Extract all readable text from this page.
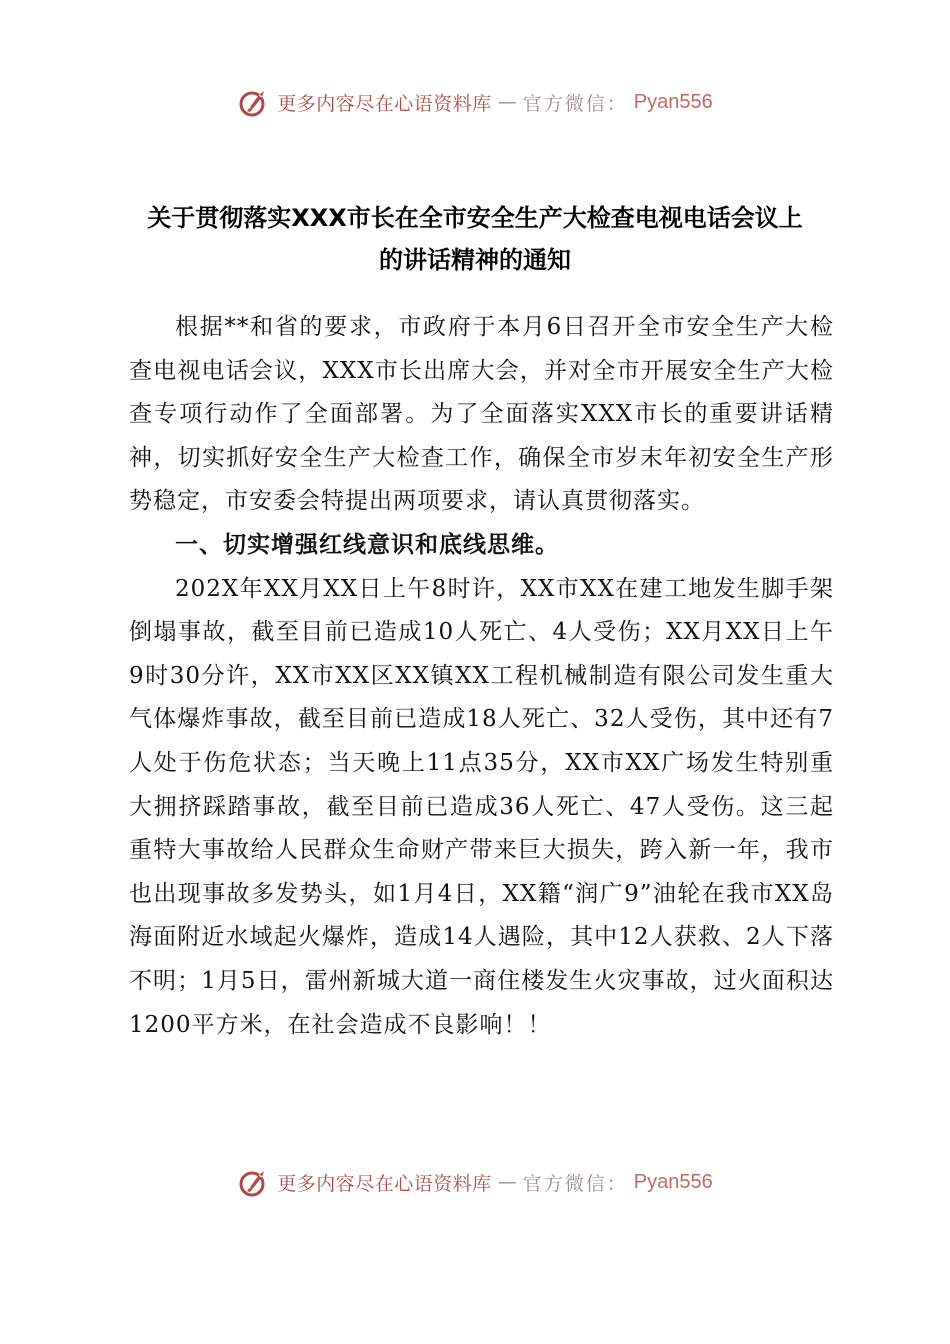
更多内容尽在心语资料库 — 官方微信： Pyan556
关于贯彻落实XXX市长在全市安全生产大检查电视电话会议上
的讲话精神的通知

根据**和省的要求，市政府于本月6日召开全市安全生产大检查电视电话会议，XXX市长出席大会，并对全市开展安全生产大检查专项行动作了全面部署。为了全面落实XXX市长的重要讲话精神，切实抓好安全生产大检查工作，确保全市岁末年初安全生产形势稳定，市安委会特提出两项要求，请认真贯彻落实。

一、切实增强红线意识和底线思维。

202X年XX月XX日上午8时许，XX市XX在建工地发生脚手架倒塌事故，截至目前已造成10人死亡、4人受伤；XX月XX日上午9时30分许，XX市XX区XX镇XX工程机械制造有限公司发生重大气体爆炸事故，截至目前已造成18人死亡、32人受伤，其中还有7人处于伤危状态；当天晚上11点35分，XX市XX广场发生特别重大拥挤踩踏事故，截至目前已造成36人死亡、47人受伤。这三起重特大事故给人民群众生命财产带来巨大损失，跨入新一年，我市也出现事故多发势头，如1月4日，XX籍“润广9”油轮在我市XX岛海面附近水域起火爆炸，造成14人遇险，其中12人获救、2人下落不明；1月5日，雷州新城大道一商住楼发生火灾事故，过火面积达1200平方米，在社会造成不良影响！！

更多内容尽在心语资料库 — 官方微信： Pyan556
